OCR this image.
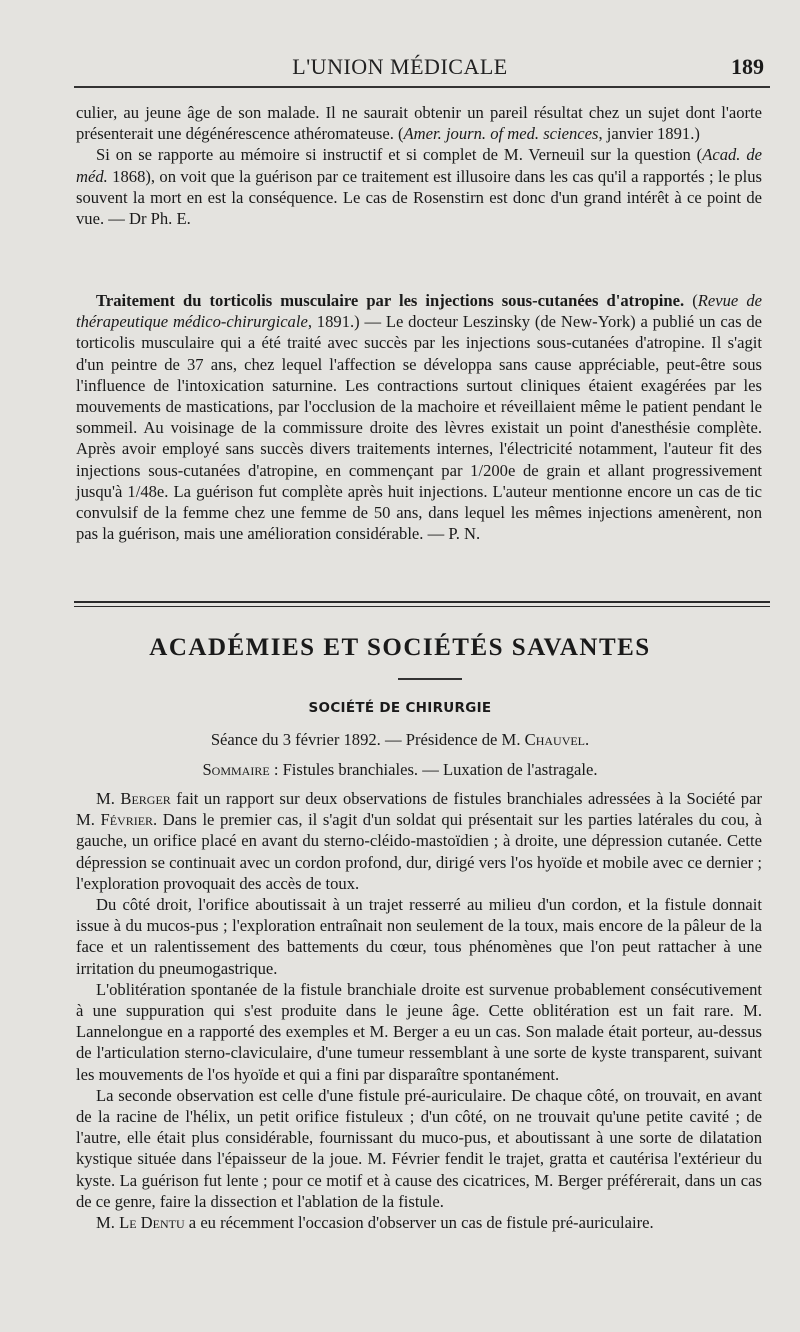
L'UNION MÉDICALE	189

culier, au jeune âge de son malade. Il ne saurait obtenir un pareil résultat chez un sujet dont l'aorte présenterait une dégénérescence athéromateuse. (Amer. journ. of med. sciences, janvier 1891.)

Si on se rapporte au mémoire si instructif et si complet de M. Verneuil sur la question (Acad. de méd. 1868), on voit que la guérison par ce traitement est illusoire dans les cas qu'il a rapportés ; le plus souvent la mort en est la conséquence. Le cas de Rosenstirn est donc d'un grand intérêt à ce point de vue. — Dr Ph. E.

Traitement du torticolis musculaire par les injections sous-cutanées d'atropine. (Revue de thérapeutique médico-chirurgicale, 1891.) — Le docteur Leszinsky (de New-York) a publié un cas de torticolis musculaire qui a été traité avec succès par les injections sous-cutanées d'atropine. Il s'agit d'un peintre de 37 ans, chez lequel l'affection se développa sans cause appréciable, peut-être sous l'influence de l'intoxication saturnine. Les contractions surtout cliniques étaient exagérées par les mouvements de mastications, par l'occlusion de la machoire et réveillaient même le patient pendant le sommeil. Au voisinage de la commissure droite des lèvres existait un point d'anesthésie complète. Après avoir employé sans succès divers traitements internes, l'électricité notamment, l'auteur fit des injections sous-cutanées d'atropine, en commençant par 1/200e de grain et allant progressivement jusqu'à 1/48e. La guérison fut complète après huit injections. L'auteur mentionne encore un cas de tic convulsif de la femme chez une femme de 50 ans, dans lequel les mêmes injections amenèrent, non pas la guérison, mais une amélioration considérable. — P. N.

ACADÉMIES ET SOCIÉTÉS SAVANTES
SOCIÉTÉ DE CHIRURGIE
Séance du 3 février 1892. — Présidence de M. Chauvel.
Sommaire : Fistules branchiales. — Luxation de l'astragale.

M. Berger fait un rapport sur deux observations de fistules branchiales adressées à la Société par M. Février. Dans le premier cas, il s'agit d'un soldat qui présentait sur les parties latérales du cou, à gauche, un orifice placé en avant du sterno-cléido-mastoïdien ; à droite, une dépression cutanée. Cette dépression se continuait avec un cordon profond, dur, dirigé vers l'os hyoïde et mobile avec ce dernier ; l'exploration provoquait des accès de toux.

Du côté droit, l'orifice aboutissait à un trajet resserré au milieu d'un cordon, et la fistule donnait issue à du mucos-pus ; l'exploration entraînait non seulement de la toux, mais encore de la pâleur de la face et un ralentissement des battements du cœur, tous phénomènes que l'on peut rattacher à une irritation du pneumogastrique.

L'oblitération spontanée de la fistule branchiale droite est survenue probablement consécutivement à une suppuration qui s'est produite dans le jeune âge. Cette oblitération est un fait rare. M. Lannelongue en a rapporté des exemples et M. Berger a eu un cas. Son malade était porteur, au-dessus de l'articulation sterno-claviculaire, d'une tumeur ressemblant à une sorte de kyste transparent, suivant les mouvements de l'os hyoïde et qui a fini par disparaître spontanément.

La seconde observation est celle d'une fistule pré-auriculaire. De chaque côté, on trouvait, en avant de la racine de l'hélix, un petit orifice fistuleux ; d'un côté, on ne trouvait qu'une petite cavité ; de l'autre, elle était plus considérable, fournissant du muco-pus, et aboutissant à une sorte de dilatation kystique située dans l'épaisseur de la joue. M. Février fendit le trajet, gratta et cautérisa l'extérieur du kyste. La guérison fut lente ; pour ce motif et à cause des cicatrices, M. Berger préférerait, dans un cas de ce genre, faire la dissection et l'ablation de la fistule.

M. Le Dentu a eu récemment l'occasion d'observer un cas de fistule pré-auriculaire.
